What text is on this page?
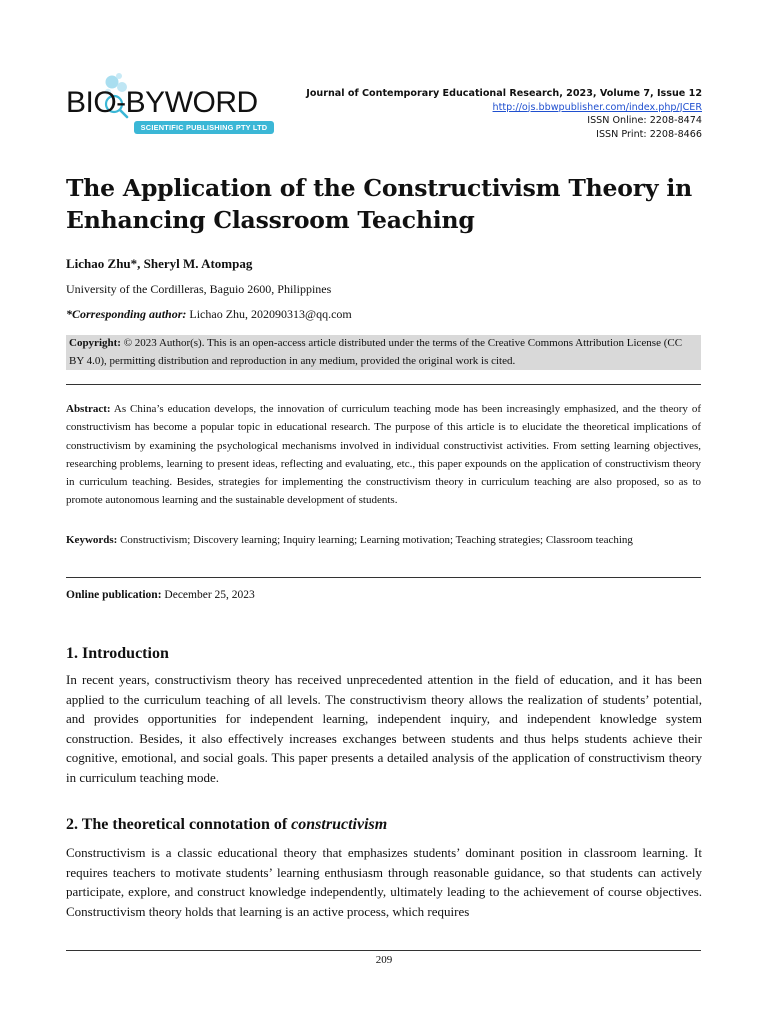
BIO-BYWORD
SCIENTIFIC PUBLISHING PTY LTD
Journal of Contemporary Educational Research, 2023, Volume 7, Issue 12
http://ojs.bbwpublisher.com/index.php/JCER
ISSN Online: 2208-8474
ISSN Print: 2208-8466
The Application of the Constructivism Theory in Enhancing Classroom Teaching
Lichao Zhu*, Sheryl M. Atompag
University of the Cordilleras, Baguio 2600, Philippines
*Corresponding author: Lichao Zhu, 202090313@qq.com
Copyright: © 2023 Author(s). This is an open-access article distributed under the terms of the Creative Commons Attribution License (CC BY 4.0), permitting distribution and reproduction in any medium, provided the original work is cited.

Abstract: As China’s education develops, the innovation of curriculum teaching mode has been increasingly emphasized, and the theory of constructivism has become a popular topic in educational research. The purpose of this article is to elucidate the theoretical implications of constructivism by examining the psychological mechanisms involved in individual constructivist activities. From setting learning objectives, researching problems, learning to present ideas, reflecting and evaluating, etc., this paper expounds on the application of constructivism theory in curriculum teaching. Besides, strategies for implementing the constructivism theory in curriculum teaching are also proposed, so as to promote autonomous learning and the sustainable development of students.

Keywords: Constructivism; Discovery learning; Inquiry learning; Learning motivation; Teaching strategies; Classroom teaching

Online publication: December 25, 2023
1. Introduction

In recent years, constructivism theory has received unprecedented attention in the field of education, and it has been applied to the curriculum teaching of all levels. The constructivism theory allows the realization of students’ potential, and provides opportunities for independent learning, independent inquiry, and independent knowledge system construction. Besides, it also effectively increases exchanges between students and thus helps students achieve their cognitive, emotional, and social goals. This paper presents a detailed analysis of the application of constructivism theory in curriculum teaching mode.

2. The theoretical connotation of constructivism

Constructivism is a classic educational theory that emphasizes students’ dominant position in classroom learning. It requires teachers to motivate students’ learning enthusiasm through reasonable guidance, so that students can actively participate, explore, and construct knowledge independently, ultimately leading to the achievement of course objectives. Constructivism theory holds that learning is an active process, which requires

209
